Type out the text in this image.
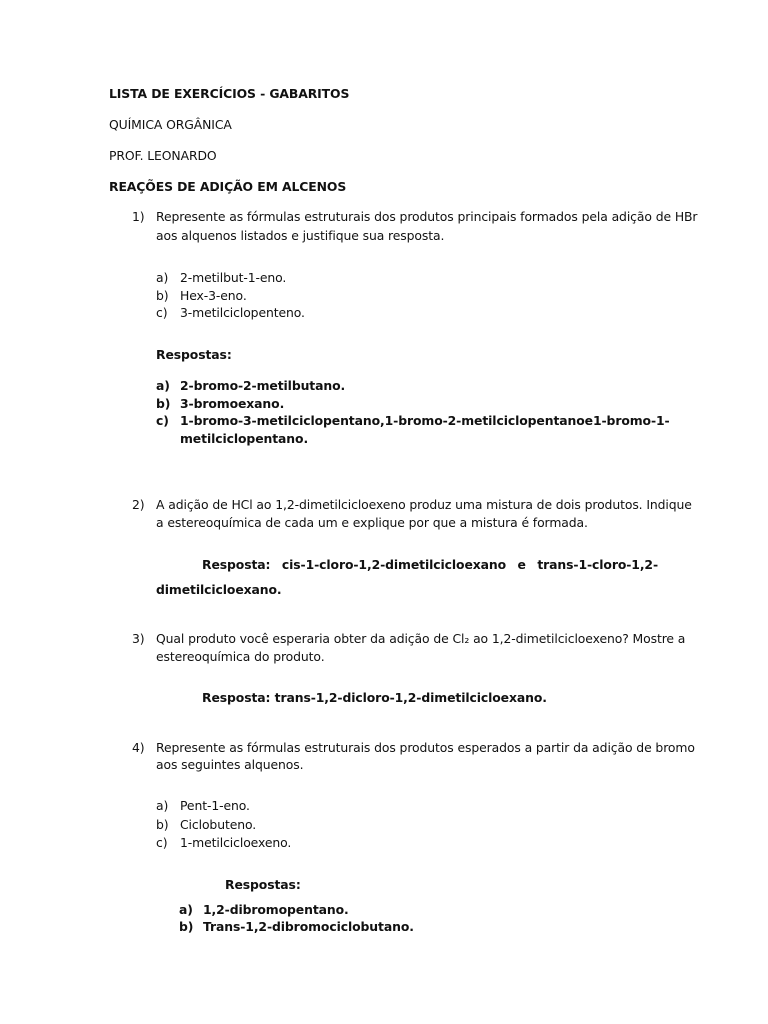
LISTA DE EXERCÍCIOS - GABARITOS
QUÍMICA ORGÂNICA
PROF. LEONARDO
REAÇÕES DE ADIÇÃO EM ALCENOS
1) Represente as fórmulas estruturais dos produtos principais formados pela adição de HBr
aos alquenos listados e justifique sua resposta.
a) 2-metilbut-1-eno.
b) Hex-3-eno.
c) 3-metilciclopenteno.
Respostas:
a) 2-bromo-2-metilbutano.
b) 3-bromoexano.
c) 1-bromo-3-metilciclopentano, 1-bromo-2-metilciclopentano e 1-bromo-1-
metilciclopentano.
2) A adição de HCl ao 1,2-dimetilcicloexeno produz uma mistura de dois produtos. Indique
a estereoquímica de cada um e explique por que a mistura é formada.
Resposta: cis-1-cloro-1,2-dimetilcicloexano e trans-1-cloro-1,2-
dimetilcicloexano.
3) Qual produto você esperaria obter da adição de Cl₂ ao 1,2-dimetilcicloexeno? Mostre a
estereoquímica do produto.
Resposta: trans-1,2-dicloro-1,2-dimetilcicloexano.
4) Represente as fórmulas estruturais dos produtos esperados a partir da adição de bromo
aos seguintes alquenos.
a) Pent-1-eno.
b) Ciclobuteno.
c) 1-metilcicloexeno.
Respostas:
a) 1,2-dibromopentano.
b) Trans-1,2-dibromociclobutano.
